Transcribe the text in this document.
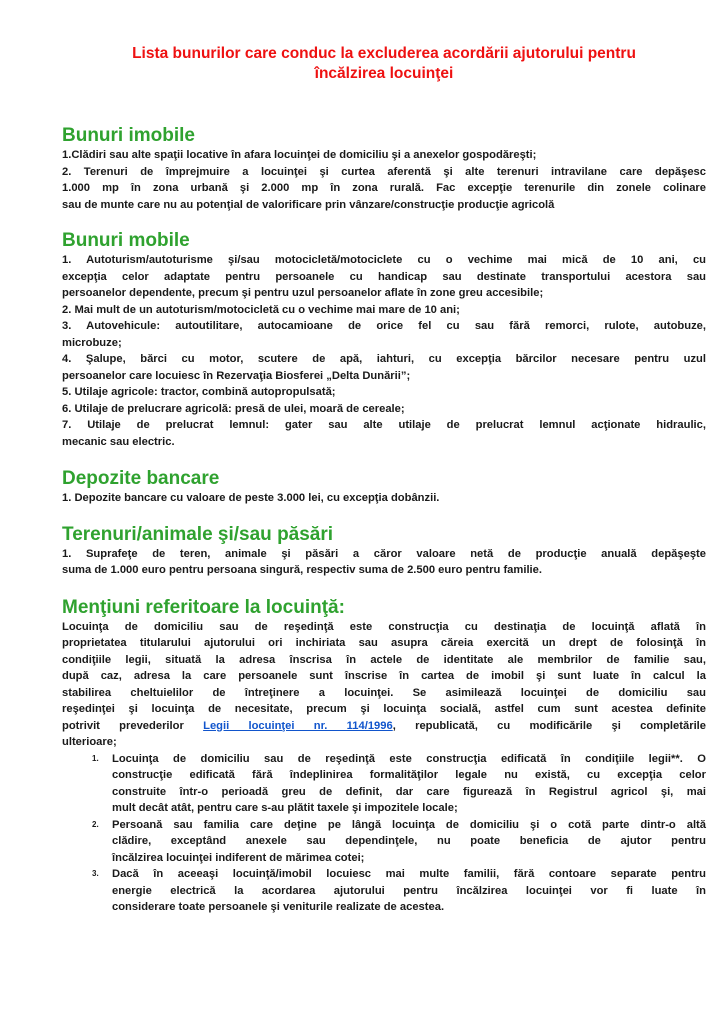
Lista bunurilor care conduc la excluderea acordării ajutorului pentru
încălzirea locuinţei
Bunuri imobile
1.Clădiri sau alte spaţii locative în afara locuinţei de domiciliu şi a anexelor gospodăreşti;
2. Terenuri de împrejmuire a locuinţei şi curtea aferentă şi alte terenuri intravilane care depăşesc
1.000 mp în zona urbană şi 2.000 mp în zona rurală. Fac excepţie terenurile din zonele colinare
sau de munte care nu au potenţial de valorificare prin vânzare/construcţie producţie agricolă
Bunuri mobile
1. Autoturism/autoturisme şi/sau motocicletă/motociclete cu o vechime mai mică de 10 ani, cu
excepţia celor adaptate pentru persoanele cu handicap sau destinate transportului acestora sau
persoanelor dependente, precum şi pentru uzul persoanelor aflate în zone greu accesibile;
2. Mai mult de un autoturism/motocicletă cu o vechime mai mare de 10 ani;
3. Autovehicule: autoutilitare, autocamioane de orice fel cu sau fără remorci, rulote, autobuze,
microbuze;
4. Şalupe, bărci cu motor, scutere de apă, iahturi, cu excepţia bărcilor necesare pentru uzul
persoanelor care locuiesc în Rezervaţia Biosferei „Delta Dunării”;
5. Utilaje agricole: tractor, combină autopropulsată;
6. Utilaje de prelucrare agricolă: presă de ulei, moară de cereale;
7. Utilaje de prelucrat lemnul: gater sau alte utilaje de prelucrat lemnul acţionate hidraulic,
mecanic sau electric.
Depozite bancare
1. Depozite bancare cu valoare de peste 3.000 lei, cu excepţia dobânzii.
Terenuri/animale şi/sau păsări
1. Suprafeţe de teren, animale şi păsări a căror valoare netă de producţie anuală depăşeşte
suma de 1.000 euro pentru persoana singură, respectiv suma de 2.500 euro pentru familie.
Menţiuni referitoare la locuinţă:
Locuinţa de domiciliu sau de reşedinţă este construcţia cu destinaţia de locuinţă aflată în
proprietatea titularului ajutorului ori inchiriata sau asupra căreia exercită un drept de folosinţă în
condiţiile legii, situată la adresa înscrisa în actele de identitate ale membrilor de familie sau,
după caz, adresa la care persoanele sunt înscrise în cartea de imobil şi sunt luate în calcul la
stabilirea cheltuielilor de întreţinere a locuinţei. Se asimilează locuinţei de domiciliu sau
reşedinţei şi locuinţa de necesitate, precum şi locuinţa socială, astfel cum sunt acestea definite
potrivit prevederilor Legii locuinţei nr. 114/1996, republicată, cu modificările şi completările
ulterioare;
1. Locuinţa de domiciliu sau de reşedinţă este construcţia edificată în condiţiile legii**. O
construcţie edificată fără îndeplinirea formalităţilor legale nu există, cu excepţia celor
construite într-o perioadă greu de definit, dar care figurează în Registrul agricol şi, mai
mult decât atât, pentru care s-au plătit taxele şi impozitele locale;
2. Persoană sau familia care deţine pe lângă locuinţa de domiciliu şi o cotă parte dintr-o altă
clădire, exceptând anexele sau dependinţele, nu poate beneficia de ajutor pentru
încălzirea locuinţei indiferent de mărimea cotei;
3. Dacă în aceeaşi locuinţă/imobil locuiesc mai multe familii, fără contoare separate pentru
energie electrică la acordarea ajutorului pentru încălzirea locuinţei vor fi luate în
considerare toate persoanele şi veniturile realizate de acestea.
